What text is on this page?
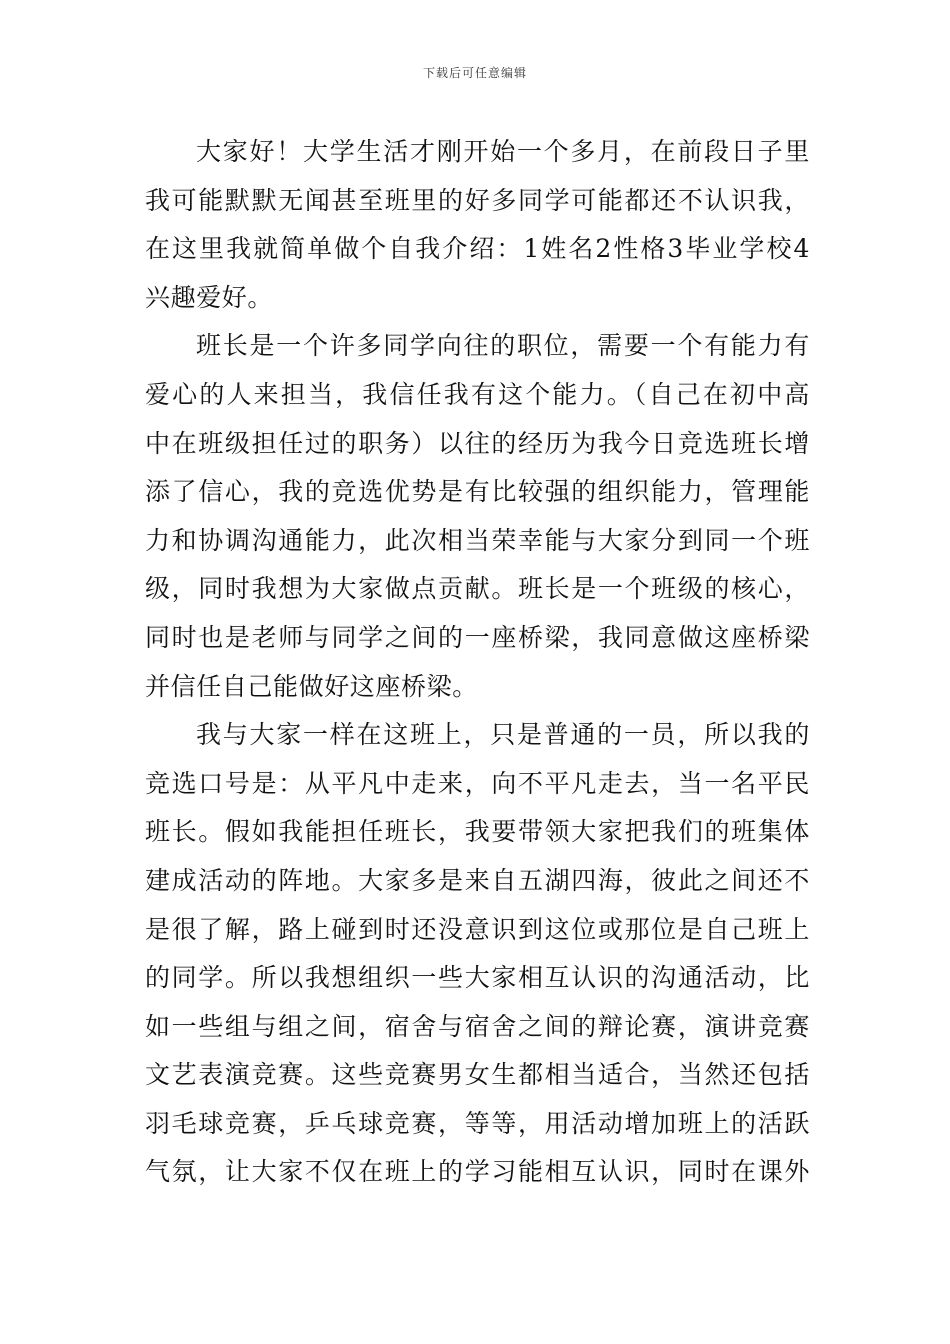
下载后可任意编辑
大家好！大学生活才刚开始一个多月，在前段日子里
我可能默默无闻甚至班里的好多同学可能都还不认识我，
在这里我就简单做个自我介绍：1姓名2性格3毕业学校4
兴趣爱好。
班长是一个许多同学向往的职位，需要一个有能力有
爱心的人来担当，我信任我有这个能力。（自己在初中高
中在班级担任过的职务）以往的经历为我今日竞选班长增
添了信心，我的竞选优势是有比较强的组织能力，管理能
力和协调沟通能力，此次相当荣幸能与大家分到同一个班
级，同时我想为大家做点贡献。班长是一个班级的核心，
同时也是老师与同学之间的一座桥梁，我同意做这座桥梁
并信任自己能做好这座桥梁。
我与大家一样在这班上，只是普通的一员，所以我的
竞选口号是：从平凡中走来，向不平凡走去，当一名平民
班长。假如我能担任班长，我要带领大家把我们的班集体
建成活动的阵地。大家多是来自五湖四海，彼此之间还不
是很了解，路上碰到时还没意识到这位或那位是自己班上
的同学。所以我想组织一些大家相互认识的沟通活动，比
如一些组与组之间，宿舍与宿舍之间的辩论赛，演讲竞赛
文艺表演竞赛。这些竞赛男女生都相当适合，当然还包括
羽毛球竞赛，乒乓球竞赛，等等，用活动增加班上的活跃
气氛，让大家不仅在班上的学习能相互认识，同时在课外
